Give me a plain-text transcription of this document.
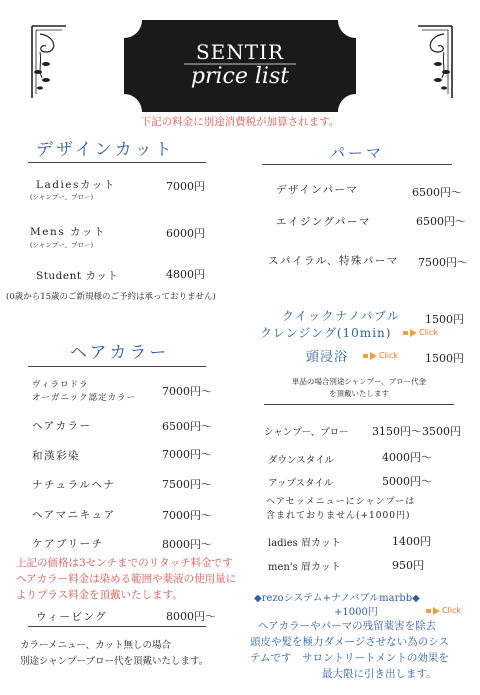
SENTIR
price list
下記の料金に別途消費税が加算されます。
デザインカット
Ladiesカット
(シャンプー、ブロー)
7000円
Mens カット
(シャンプー、ブロー)
6000円
Student カット	4800円
(0歳から15歳のご新規様のご予約は承っておりません)
パーマ
デザインパーマ	6500円〜
エイジングパーマ	6500円〜
スパイラル、特殊パーマ 7500円〜
クイックナノバブル
クレンジング(10min)
1500円
Click
頭浸浴	Click 1500円
単品の場合別途シャンプー、ブロー代金
を頂戴いたします
ヘアカラー
ヴィラロドラ
オーガニック認定カラー 7000円〜
ヘアカラー	6500円〜
和漢彩染	7000円〜
ナチュラルヘナ	7500円〜
ヘアマニキュア	7000円〜
ケアブリーチ	8000円〜
上記の価格は3センチまでのリタッチ料金です
ヘアカラー料金は染める範囲や薬液の使用量に
よりプラス料金を頂戴いたします。
ウィービング	8000円〜
カラーメニュー、カット無しの場合
別途シャンプーブロー代を頂戴いたします。
シャンプー、ブロー 3150円〜3500円
ダウンスタイル	4000円〜
アップスタイル	5000円〜
ヘアセッメニューにシャンプーは
含まれておりません(+1000円)
ladies 眉カット	1400円
men's 眉カット	950円
◆rezoシステム+ナノバブルmarbb◆
+1000円	Click
ヘアカラーやパーマの残留薬害を除去
頭皮や髪を極力ダメージさせない為のシス
テムです　サロントリートメントの効果を
最大限に引き出します。
